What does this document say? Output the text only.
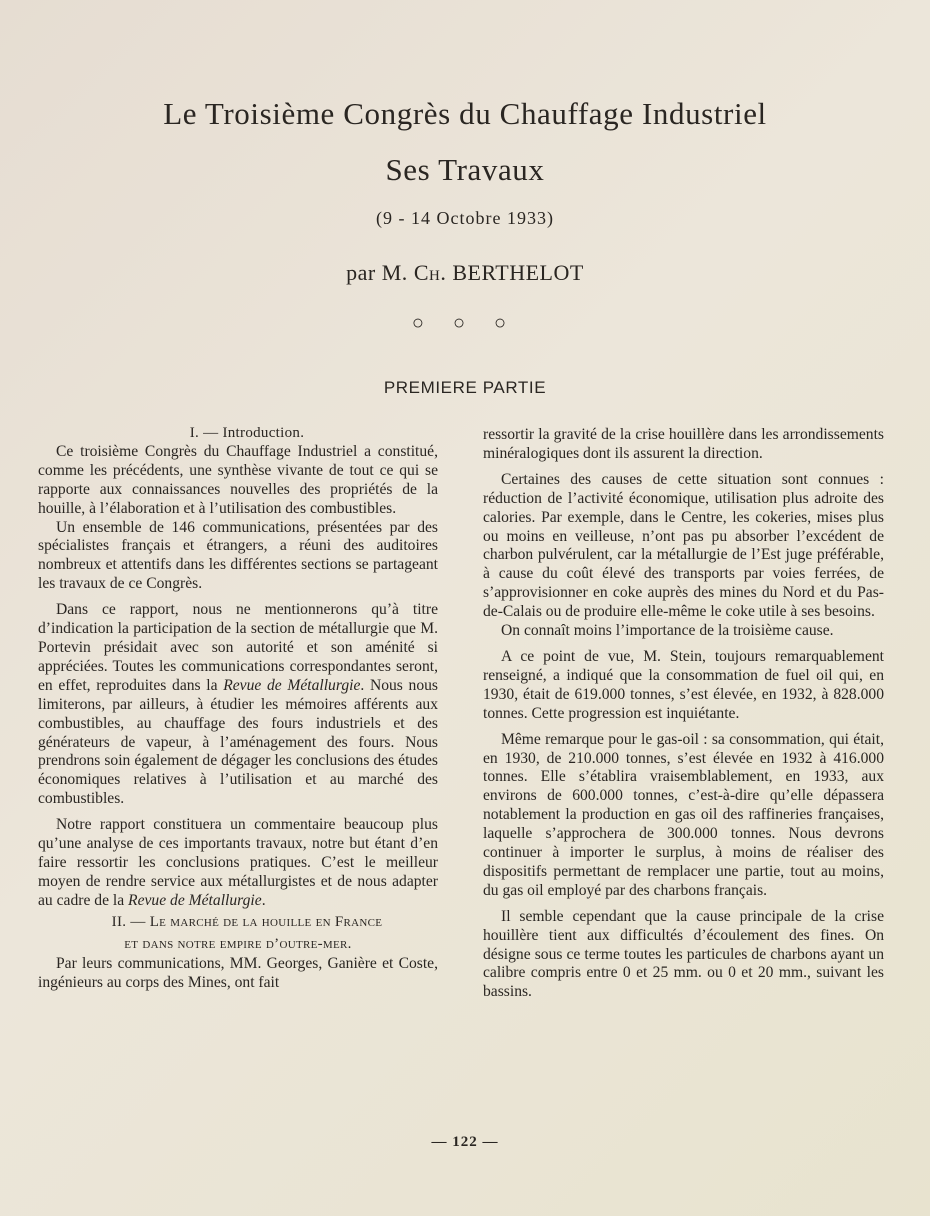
Le Troisième Congrès du Chauffage Industriel
Ses Travaux
(9 - 14 Octobre 1933)
par M. Ch. BERTHELOT
○ ○ ○
PREMIERE PARTIE

I. — Introduction.

Ce troisième Congrès du Chauffage Industriel a constitué, comme les précédents, une synthèse vivante de tout ce qui se rapporte aux connaissances nouvelles des propriétés de la houille, à l’élaboration et à l’utilisation des combustibles.

Un ensemble de 146 communications, présentées par des spécialistes français et étrangers, a réuni des auditoires nombreux et attentifs dans les différentes sections se partageant les travaux de ce Congrès.

Dans ce rapport, nous ne mentionnerons qu’à titre d’indication la participation de la section de métallurgie que M. Portevin présidait avec son autorité et son aménité si appréciées. Toutes les communications correspondantes seront, en effet, reproduites dans la Revue de Métallurgie. Nous nous limiterons, par ailleurs, à étudier les mémoires afférents aux combustibles, au chauffage des fours industriels et des générateurs de vapeur, à l’aménagement des fours. Nous prendrons soin également de dégager les conclusions des études économiques relatives à l’utilisation et au marché des combustibles.

Notre rapport constituera un commentaire beaucoup plus qu’une analyse de ces importants travaux, notre but étant d’en faire ressortir les conclusions pratiques. C’est le meilleur moyen de rendre service aux métallurgistes et de nous adapter au cadre de la Revue de Métallurgie.

II. — Le marché de la houille en France
et dans notre empire d’outre-mer.

Par leurs communications, MM. Georges, Ganière et Coste, ingénieurs au corps des Mines, ont fait

ressortir la gravité de la crise houillère dans les arrondissements minéralogiques dont ils assurent la direction.

Certaines des causes de cette situation sont connues : réduction de l’activité économique, utilisation plus adroite des calories. Par exemple, dans le Centre, les cokeries, mises plus ou moins en veilleuse, n’ont pas pu absorber l’excédent de charbon pulvérulent, car la métallurgie de l’Est juge préférable, à cause du coût élevé des transports par voies ferrées, de s’approvisionner en coke auprès des mines du Nord et du Pas-de-Calais ou de produire elle-même le coke utile à ses besoins.

On connaît moins l’importance de la troisième cause.

A ce point de vue, M. Stein, toujours remarquablement renseigné, a indiqué que la consommation de fuel oil qui, en 1930, était de 619.000 tonnes, s’est élevée, en 1932, à 828.000 tonnes. Cette progression est inquiétante.

Même remarque pour le gas-oil : sa consommation, qui était, en 1930, de 210.000 tonnes, s’est élevée en 1932 à 416.000 tonnes. Elle s’établira vraisemblablement, en 1933, aux environs de 600.000 tonnes, c’est-à-dire qu’elle dépassera notablement la production en gas oil des raffineries françaises, laquelle s’approchera de 300.000 tonnes. Nous devrons continuer à importer le surplus, à moins de réaliser des dispositifs permettant de remplacer une partie, tout au moins, du gas oil employé par des charbons français.

Il semble cependant que la cause principale de la crise houillère tient aux difficultés d’écoulement des fines. On désigne sous ce terme toutes les particules de charbons ayant un calibre compris entre 0 et 25 mm. ou 0 et 20 mm., suivant les bassins.

— 122 —
